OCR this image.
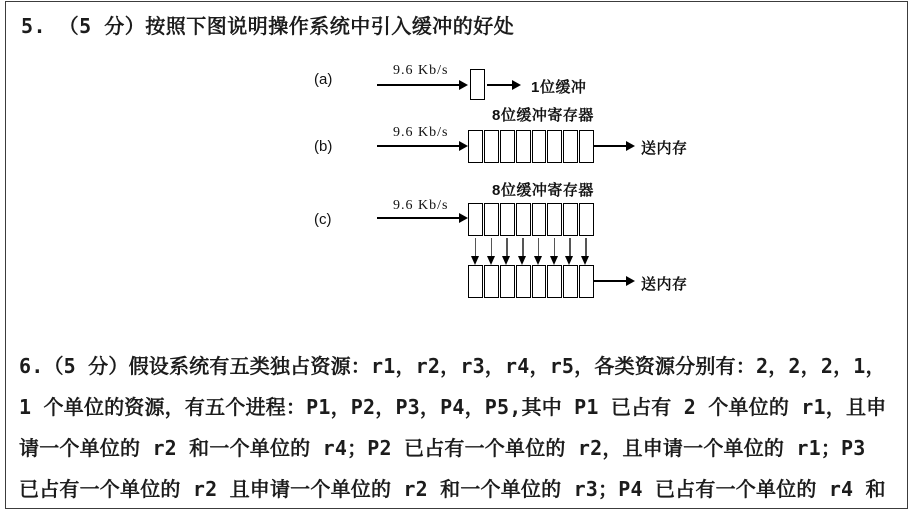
5. （5 分）按照下图说明操作系统中引入缓冲的好处
(a)
9.6 Kb/s
1位缓冲
8位缓冲寄存器
(b)
9.6 Kb/s
送内存
8位缓冲寄存器
(c)
9.6 Kb/s
送内存
6.（5 分）假设系统有五类独占资源：r1，r2，r3，r4，r5，各类资源分别有：2，2，2，1，
1 个单位的资源，有五个进程：P1，P2，P3，P4，P5,其中 P1 已占有 2 个单位的 r1，且申
请一个单位的 r2 和一个单位的 r4；P2 已占有一个单位的 r2，且申请一个单位的 r1；P3
已占有一个单位的 r2 且申请一个单位的 r2 和一个单位的 r3；P4 已占有一个单位的 r4 和
